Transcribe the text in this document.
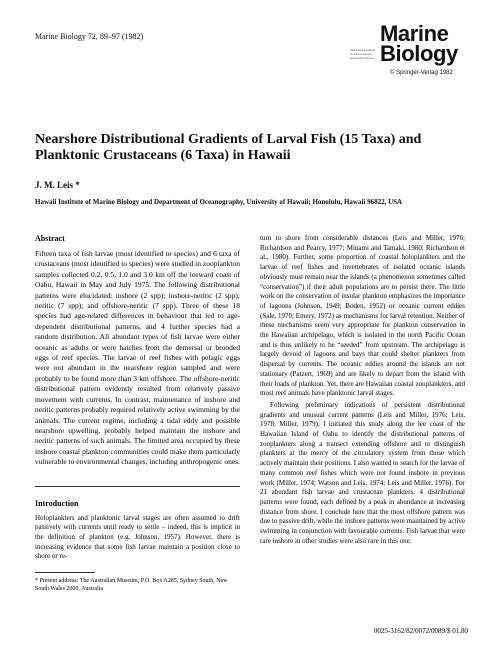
Marine Biology 72, 89–97 (1982)
International Journal on Life in Oceans and Coastal Waters
Marine
Biology
© Springer-Verlag 1982
Nearshore Distributional Gradients of Larval Fish (15 Taxa) and Planktonic Crustaceans (6 Taxa) in Hawaii
J. M. Leis *
Hawaii Institute of Marine Biology and Department of Oceanography, University of Hawaii; Honolulu, Hawaii 96822, USA
Abstract

Fifteen taxa of fish larvae (most identified to species) and 6 taxa of crustaceans (most identified to species) were studied in zooplankton samples collected 0.2, 0.5, 1.0 and 3.0 km off the leeward coast of Oahu, Hawaii in May and July 1975. The following distributional patterns were elucidated: inshore (2 spp); inshore-neritic (2 spp); neritic (7 spp); and offshore-neritic (7 spp). Three of these 18 species had age-related differences in behaviour that led to age-dependent distributional patterns, and 4 further species had a random distribution. All abundant types of fish larvae were either oceanic as adults or were hatches from the demersal or brooded eggs of reef species. The larvae of reef fishes with pelagic eggs were not abundant in the nearshore region sampled and were probably to be found more than 3 km offshore. The offshore-neritic distributional pattern evidently resulted from relatively passive movement with currents. In contrast, maintenance of inshore and neritic patterns probably required relatively active swimming by the animals. The current regime, including a tidal eddy and possible nearshore upwelling, probably helped maintain the inshore and neritic patterns of such animals. The limited area occupied by these inshore coastal plankton communities could make them particularly vulnerable to environmental changes, including anthropogenic ones.

Introduction

Holoplankters and planktonic larval stages are often assumed to drift passively with currents until ready to settle – indeed, this is implicit in the definition of plankton (e.g. Johnson, 1957). However, there is increasing evidence that some fish larvae maintain a position close to shore or re-

* Present address: The Australian Museum, P.O. Box A285, Sydney South, New South Wales 2000, Australia

turn to shore from considerable distances (Leis and Miller, 1976; Richardson and Pearcy, 1977; Minami and Tamaki, 1980; Richardson et al., 1980). Further, some proportion of coastal holoplankters and the larvae of reef fishes and invertebrates of isolated oceanic islands obviously must remain near the islands (a phenomenon sometimes called “conservation”) if their adult populations are to persist there. The little work on the conservation of insular plankton emphasizes the importance of lagoons (Johnson, 1949; Boden, 1952) or oceanic current eddies (Sale, 1970; Emery, 1972) as mechanisms for larval retention. Neither of these mechanisms seem very appropriate for plankton conservation in the Hawaiian archipelago, which is isolated in the north Pacific Ocean and is thus unlikely to be “seeded” from upstream. The archipelago is largely devoid of lagoons and bays that could shelter plankters from dispersal by currents. The oceanic eddies around the islands are not stationary (Patzert, 1969) and are likely to depart from the island with their loads of plankton. Yet, there are Hawaiian coastal zooplankters, and most reef animals have planktonic larval stages.

Following preliminary indications of persistent distributional gradients and unusual current patterns (Leis and Miller, 1976; Leis, 1978; Miller, 1979), I initiated this study along the lee coast of the Hawaiian Island of Oahu to identify the distributional patterns of zooplankters along a transect extending offshore and to distinguish plankters at the mercy of the circulatory system from those which actively maintain their positions. I also wanted to search for the larvae of many common reef fishes which were not found inshore in previous work (Miller, 1974; Watson and Leis, 1974; Leis and Miller, 1976). For 21 abundant fish larvae and crustacean plankters, 4 distributional patterns were found, each defined by a peak in abundance at increasing distance from shore. I conclude here that the most offshore pattern was due to passive drift, while the inshore patterns were maintained by active swimming in conjunction with favourable currents. Fish larvae that were rare inshore in other studies were also rare in this one.

0025-3162/82/0072/0089/$ 01.80
